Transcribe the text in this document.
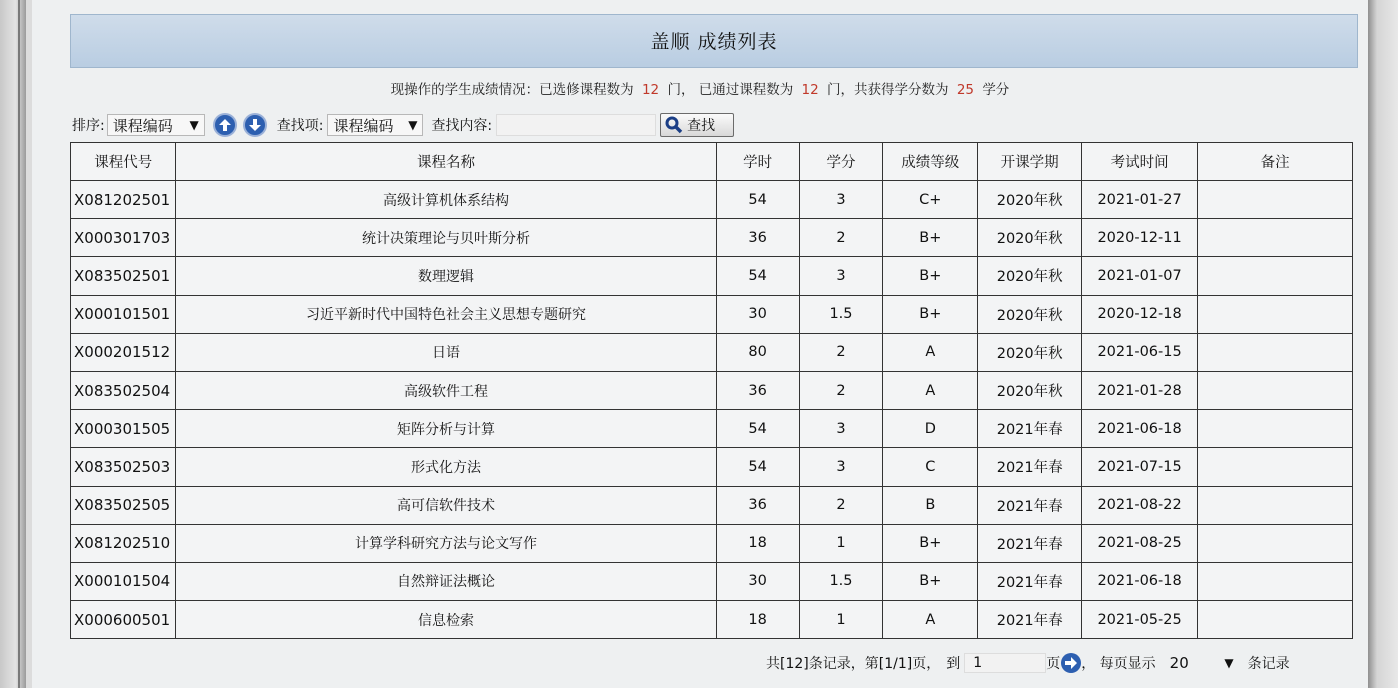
盖顺 成绩列表
现操作的学生成绩情况：已选修课程数为 12 门， 已通过课程数为 12 门，共获得学分数为 25 学分
排序: 课程编码 ▼	查找项: 课程编码 ▼ 查找内容:	查找
课程代号	课程名称	学时	学分	成绩等级	开课学期	考试时间	备注
X081202501	高级计算机体系结构	54	3	C+	2020年秋	2021-01-27	
X000301703	统计决策理论与贝叶斯分析	36	2	B+	2020年秋	2020-12-11	
X083502501	数理逻辑	54	3	B+	2020年秋	2021-01-07	
X000101501	习近平新时代中国特色社会主义思想专题研究	30	1.5	B+	2020年秋	2020-12-18	
X000201512	日语	80	2	A	2020年秋	2021-06-15	
X083502504	高级软件工程	36	2	A	2020年秋	2021-01-28	
X000301505	矩阵分析与计算	54	3	D	2021年春	2021-06-18	
X083502503	形式化方法	54	3	C	2021年春	2021-07-15	
X083502505	高可信软件技术	36	2	B	2021年春	2021-08-22	
X081202510	计算学科研究方法与论文写作	18	1	B+	2021年春	2021-08-25	
X000101504	自然辩证法概论	30	1.5	B+	2021年春	2021-06-18	
X000600501	信息检索	18	1	A	2021年春	2021-05-25	
共[12]条记录，第[1/1]页， 到 1	页 ， 每页显示 20	▼ 条记录
